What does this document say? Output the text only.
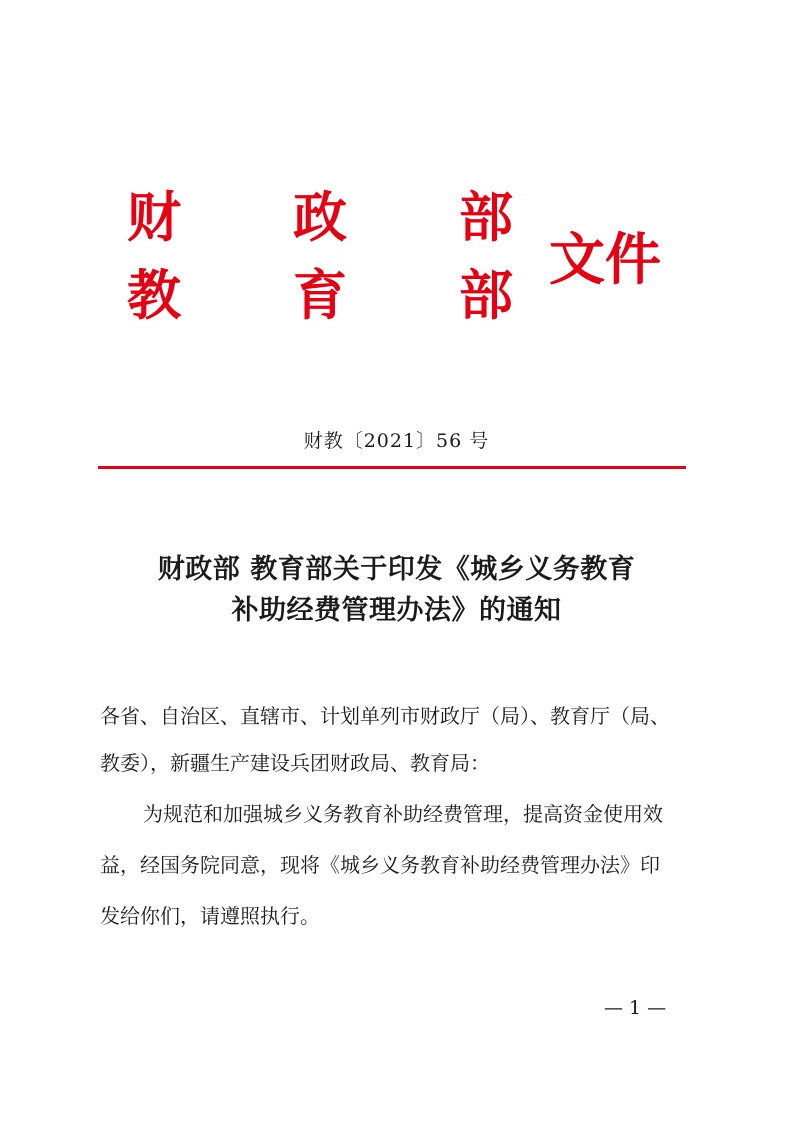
财 政 部
教 育 部
文件
财教〔2021〕56 号
财政部 教育部关于印发《城乡义务教育
补助经费管理办法》的通知
各省、自治区、直辖市、计划单列市财政厅（局）、教育厅（局、
教委），新疆生产建设兵团财政局、教育局：
为规范和加强城乡义务教育补助经费管理，提高资金使用效
益，经国务院同意，现将《城乡义务教育补助经费管理办法》印
发给你们，请遵照执行。
— 1 —
